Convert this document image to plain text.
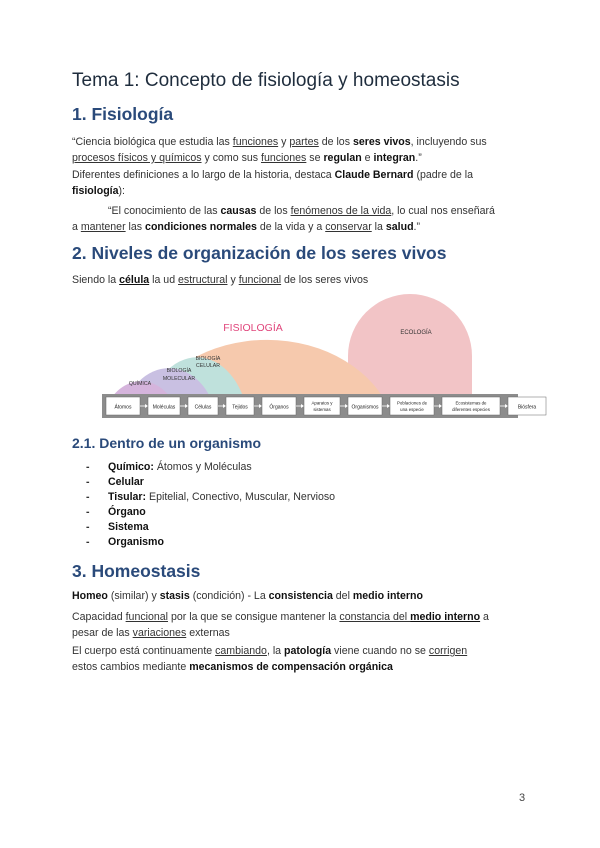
Tema 1: Concepto de fisiología y homeostasis
1. Fisiología

“Ciencia biológica que estudia las funciones y partes de los seres vivos, incluyendo sus
procesos físicos y químicos y como sus funciones se regulan e integran.”

Diferentes definiciones a lo largo de la historia, destaca Claude Bernard (padre de la
fisiología):

“El conocimiento de las causas de los fenómenos de la vida, lo cual nos enseñará
a mantener las condiciones normales de la vida y a conservar la salud.”

2. Niveles de organización de los seres vivos

Siendo la célula la ud estructural y funcional de los seres vivos

FISIOLOGÍA	ECOLOGÍA
BIOLOGÍA
CELULAR
BIOLOGÍA
MOLECULAR
QUÍMICA
Átomos	Moléculas	Células	Tejidos	Órganos
Aparatos y
sistemas	Organismos
Poblaciones de
una especie
Ecosistemas de
diferentes especies	Biósfera
2.1. Dentro de un organismo
- Químico: Átomos y Moléculas
- Celular
- Tisular: Epitelial, Conectivo, Muscular, Nervioso
- Órgano
- Sistema
- Organismo
3. Homeostasis

Homeo (similar) y stasis (condición) - La consistencia del medio interno

Capacidad funcional por la que se consigue mantener la constancia del medio interno a
pesar de las variaciones externas

El cuerpo está continuamente cambiando, la patología viene cuando no se corrigen
estos cambios mediante mecanismos de compensación orgánica

3
